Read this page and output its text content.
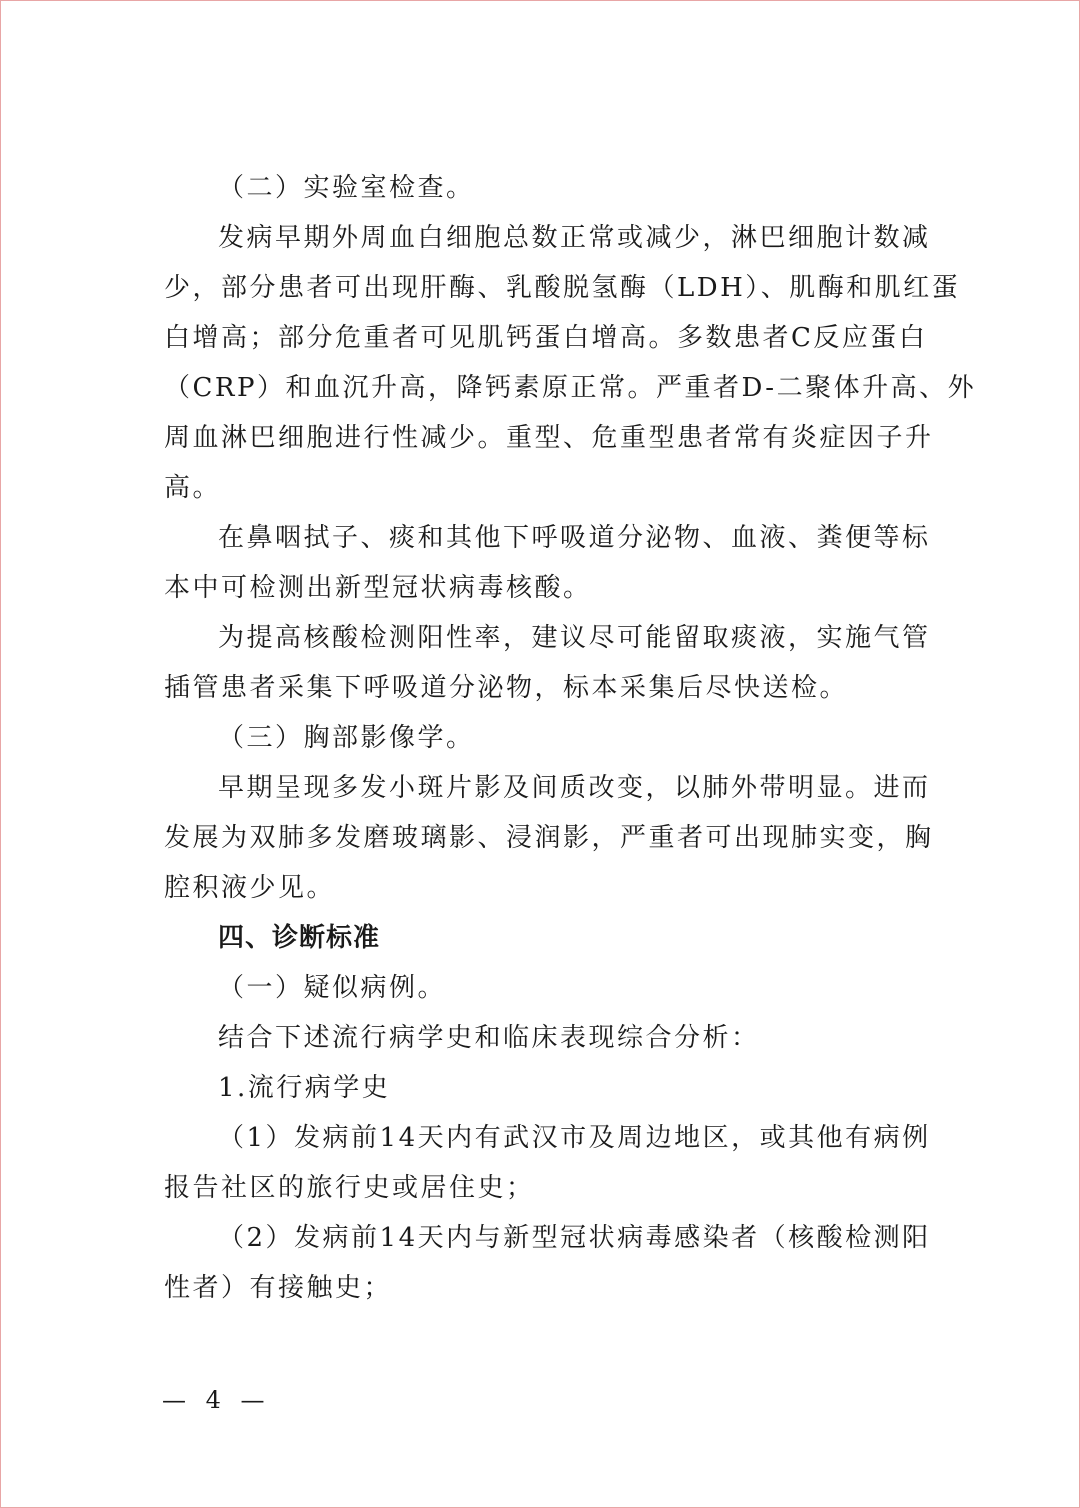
（二）实验室检查。
发病早期外周血白细胞总数正常或减少，淋巴细胞计数减
少，部分患者可出现肝酶、乳酸脱氢酶（LDH）、肌酶和肌红蛋
白增高；部分危重者可见肌钙蛋白增高。多数患者C反应蛋白
（CRP）和血沉升高，降钙素原正常。严重者D-二聚体升高、外
周血淋巴细胞进行性减少。重型、危重型患者常有炎症因子升
高。
在鼻咽拭子、痰和其他下呼吸道分泌物、血液、粪便等标
本中可检测出新型冠状病毒核酸。
为提高核酸检测阳性率，建议尽可能留取痰液，实施气管
插管患者采集下呼吸道分泌物，标本采集后尽快送检。
（三）胸部影像学。
早期呈现多发小斑片影及间质改变，以肺外带明显。进而
发展为双肺多发磨玻璃影、浸润影，严重者可出现肺实变，胸
腔积液少见。
四、诊断标准
（一）疑似病例。
结合下述流行病学史和临床表现综合分析：
1.流行病学史
（1）发病前14天内有武汉市及周边地区，或其他有病例
报告社区的旅行史或居住史；
（2）发病前14天内与新型冠状病毒感染者（核酸检测阳
性者）有接触史；
— 4 —
